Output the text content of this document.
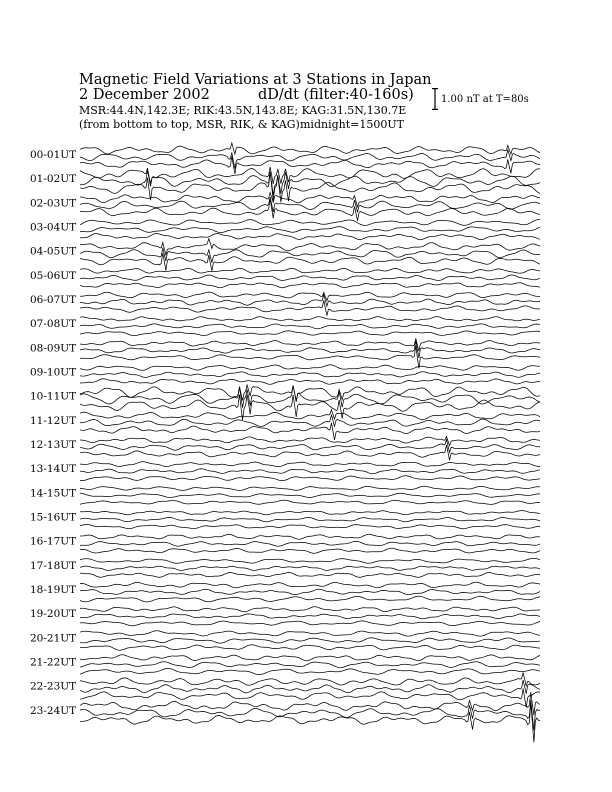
Magnetic Field Variations at 3 Stations in Japan
2 December 2002	dD/dt (filter:40-160s)
MSR:44.4N,142.3E; RIK:43.5N,143.8E; KAG:31.5N,130.7E
(from bottom to top, MSR, RIK, & KAG) midnight=1500UT
1.00 nT at T=80s
00-01UT
01-02UT
02-03UT
03-04UT
04-05UT
05-06UT
06-07UT
07-08UT
08-09UT
09-10UT
10-11UT
11-12UT
12-13UT
13-14UT
14-15UT
15-16UT
16-17UT
17-18UT
18-19UT
19-20UT
20-21UT
21-22UT
22-23UT
23-24UT
